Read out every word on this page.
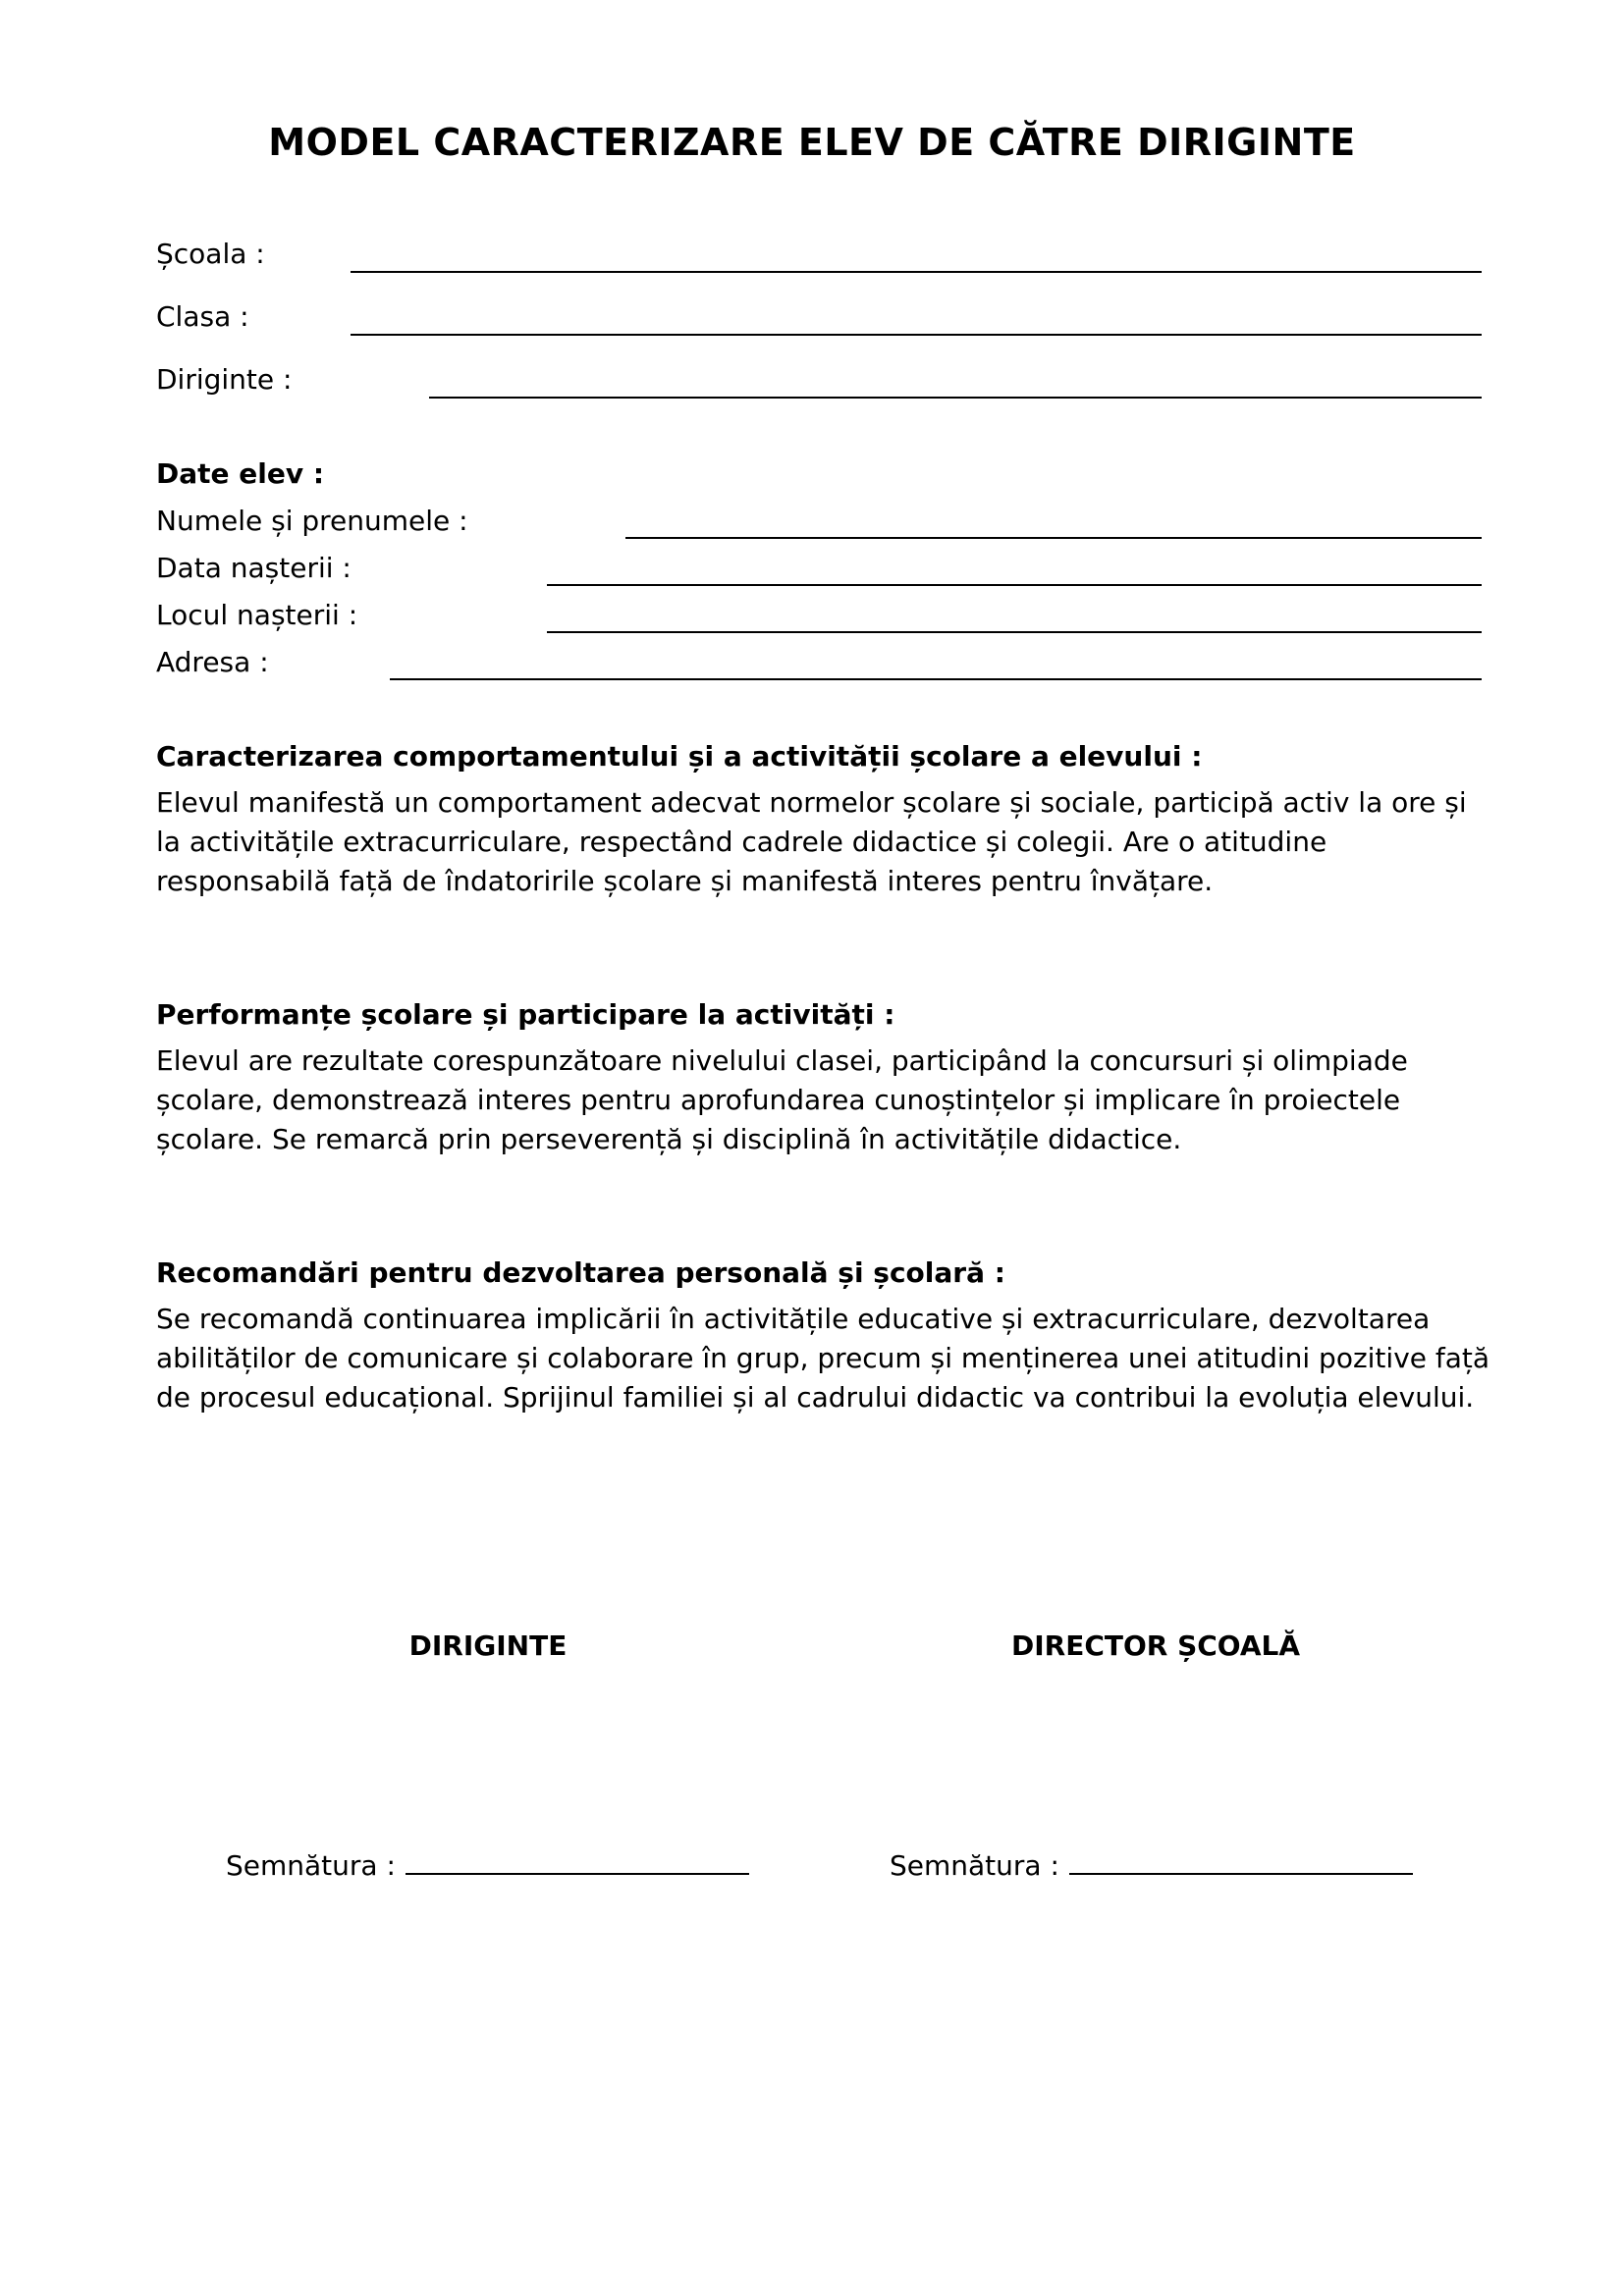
MODEL CARACTERIZARE ELEV DE CĂTRE DIRIGINTE
Școala :
Clasa :
Diriginte :
Date elev :
Numele și prenumele :
Data nașterii :
Locul nașterii :
Adresa :
Caracterizarea comportamentului și a activității școlare a elevului :

Elevul manifestă un comportament adecvat normelor școlare și sociale, participă activ la ore și la activitățile extracurriculare, respectând cadrele didactice și colegii. Are o atitudine responsabilă față de îndatoririle școlare și manifestă interes pentru învățare.

Performanțe școlare și participare la activități :

Elevul are rezultate corespunzătoare nivelului clasei, participând la concursuri și olimpiade școlare, demonstrează interes pentru aprofundarea cunoștințelor și implicare în proiectele școlare. Se remarcă prin perseverență și disciplină în activitățile didactice.

Recomandări pentru dezvoltarea personală și școlară :

Se recomandă continuarea implicării în activitățile educative și extracurriculare, dezvoltarea abilităților de comunicare și colaborare în grup, precum și menținerea unei atitudini pozitive față de procesul educațional. Sprijinul familiei și al cadrului didactic va contribui la evoluția elevului.

DIRIGINTE	DIRECTOR ȘCOALĂ
Semnătura :	Semnătura :
